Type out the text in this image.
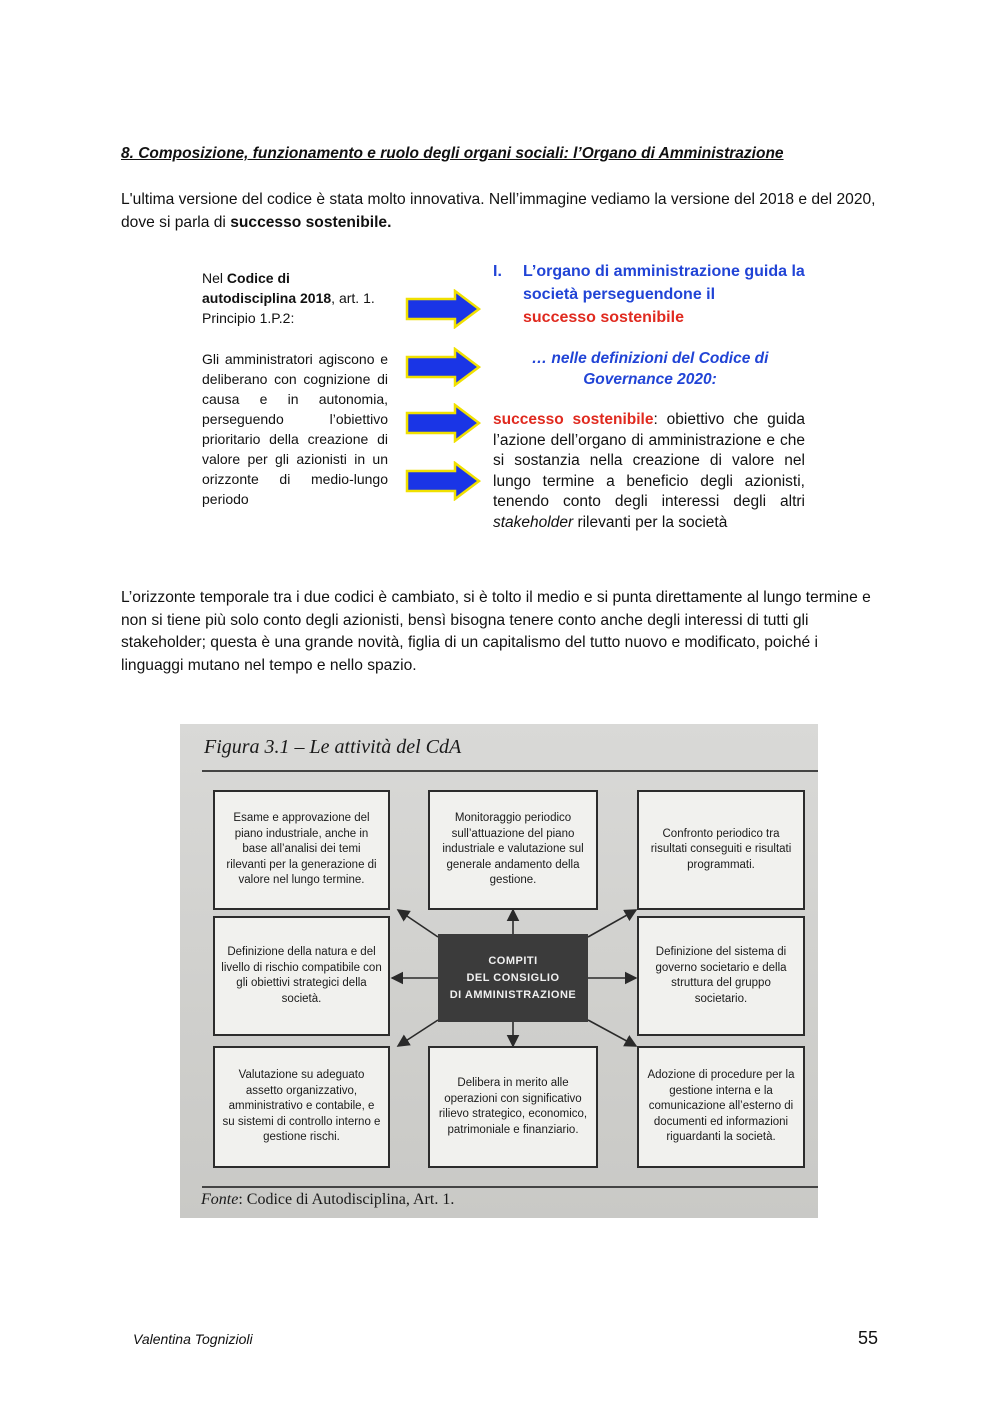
8. Composizione, funzionamento e ruolo degli organi sociali: l’Organo di Amministrazione
L'ultima versione del codice è stata molto innovativa. Nell’immagine vediamo la versione del 2018 e del 2020, dove si parla di successo sostenibile.

Nel Codice di

autodisciplina 2018, art. 1.

Principio 1.P.2:

Gli amministratori agiscono e deliberano con cognizione di causa e in autonomia, perseguendo l’obiettivo prioritario della creazione di valore per gli azionisti in un orizzonte di medio-lungo periodo

I.	L’organo di amministrazione guida la società perseguendone il
successo sostenibile
… nelle definizioni del Codice di Governance 2020:
successo sostenibile: obiettivo che guida l’azione dell’organo di amministrazione e che si sostanzia nella creazione di valore nel lungo termine a beneficio degli azionisti, tenendo conto degli interessi degli altri stakeholder rilevanti per la società
L’orizzonte temporale tra i due codici è cambiato, si è tolto il medio e si punta direttamente al lungo termine e non si tiene più solo conto degli azionisti, bensì bisogna tenere conto anche degli interessi di tutti gli stakeholder; questa è una grande novità, figlia di un capitalismo del tutto nuovo e modificato, poiché i linguaggi mutano nel tempo e nello spazio.
Figura 3.1 – Le attività del CdA
Esame e approvazione del piano industriale, anche in base all’analisi dei temi rilevanti per la generazione di valore nel lungo termine.
Monitoraggio periodico sull’attuazione del piano industriale e valutazione sul generale andamento della gestione.
Confronto periodico tra risultati conseguiti e risultati programmati.
Definizione della natura e del livello di rischio compatibile con gli obiettivi strategici della società.
Definizione del sistema di governo societario e della struttura del gruppo societario.
Valutazione su adeguato assetto organizzativo, amministrativo e contabile, e su sistemi di controllo interno e gestione rischi.
Delibera in merito alle operazioni con significativo rilievo strategico, economico, patrimoniale e finanziario.
Adozione di procedure per la gestione interna e la comunicazione all’esterno di documenti ed informazioni riguardanti la società.
COMPITI
DEL CONSIGLIO
DI AMMINISTRAZIONE
Fonte: Codice di Autodisciplina, Art. 1.
Valentina Tognizioli	55
